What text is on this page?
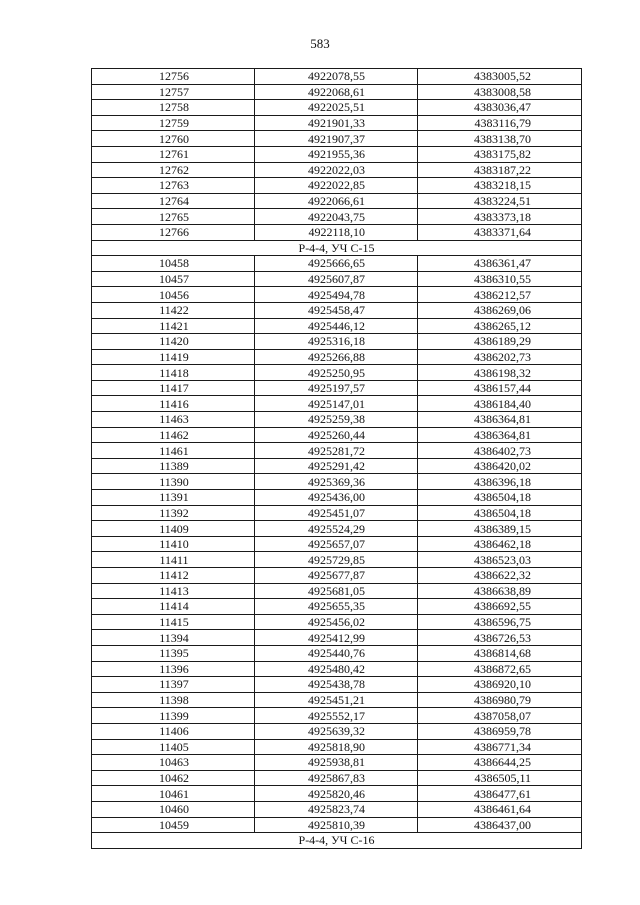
583
12756	4922078,55	4383005,52
12757	4922068,61	4383008,58
12758	4922025,51	4383036,47
12759	4921901,33	4383116,79
12760	4921907,37	4383138,70
12761	4921955,36	4383175,82
12762	4922022,03	4383187,22
12763	4922022,85	4383218,15
12764	4922066,61	4383224,51
12765	4922043,75	4383373,18
12766	4922118,10	4383371,64
Р-4-4, УЧ С-15		
10458	4925666,65	4386361,47
10457	4925607,87	4386310,55
10456	4925494,78	4386212,57
11422	4925458,47	4386269,06
11421	4925446,12	4386265,12
11420	4925316,18	4386189,29
11419	4925266,88	4386202,73
11418	4925250,95	4386198,32
11417	4925197,57	4386157,44
11416	4925147,01	4386184,40
11463	4925259,38	4386364,81
11462	4925260,44	4386364,81
11461	4925281,72	4386402,73
11389	4925291,42	4386420,02
11390	4925369,36	4386396,18
11391	4925436,00	4386504,18
11392	4925451,07	4386504,18
11409	4925524,29	4386389,15
11410	4925657,07	4386462,18
11411	4925729,85	4386523,03
11412	4925677,87	4386622,32
11413	4925681,05	4386638,89
11414	4925655,35	4386692,55
11415	4925456,02	4386596,75
11394	4925412,99	4386726,53
11395	4925440,76	4386814,68
11396	4925480,42	4386872,65
11397	4925438,78	4386920,10
11398	4925451,21	4386980,79
11399	4925552,17	4387058,07
11406	4925639,32	4386959,78
11405	4925818,90	4386771,34
10463	4925938,81	4386644,25
10462	4925867,83	4386505,11
10461	4925820,46	4386477,61
10460	4925823,74	4386461,64
10459	4925810,39	4386437,00
Р-4-4, УЧ С-16		
